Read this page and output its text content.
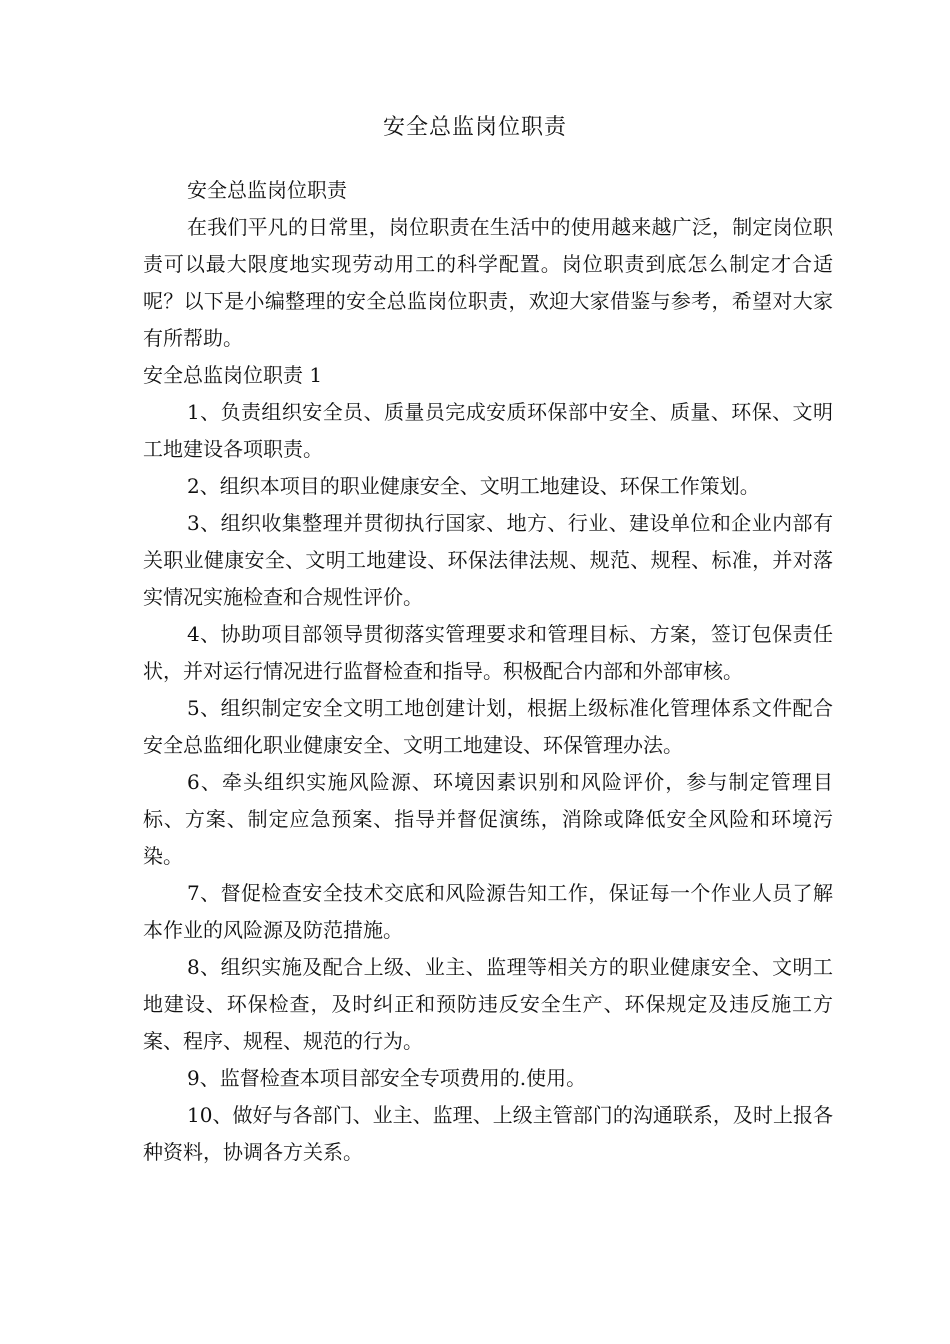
安全总监岗位职责

安全总监岗位职责

在我们平凡的日常里，岗位职责在生活中的使用越来越广泛，制定岗位职责可以最大限度地实现劳动用工的科学配置。岗位职责到底怎么制定才合适呢？以下是小编整理的安全总监岗位职责，欢迎大家借鉴与参考，希望对大家有所帮助。

安全总监岗位职责 1

1、负责组织安全员、质量员完成安质环保部中安全、质量、环保、文明工地建设各项职责。

2、组织本项目的职业健康安全、文明工地建设、环保工作策划。

3、组织收集整理并贯彻执行国家、地方、行业、建设单位和企业内部有关职业健康安全、文明工地建设、环保法律法规、规范、规程、标准，并对落实情况实施检查和合规性评价。

4、协助项目部领导贯彻落实管理要求和管理目标、方案，签订包保责任状，并对运行情况进行监督检查和指导。积极配合内部和外部审核。

5、组织制定安全文明工地创建计划，根据上级标准化管理体系文件配合安全总监细化职业健康安全、文明工地建设、环保管理办法。

6、牵头组织实施风险源、环境因素识别和风险评价，参与制定管理目标、方案、制定应急预案、指导并督促演练，消除或降低安全风险和环境污染。

7、督促检查安全技术交底和风险源告知工作，保证每一个作业人员了解本作业的风险源及防范措施。

8、组织实施及配合上级、业主、监理等相关方的职业健康安全、文明工地建设、环保检查，及时纠正和预防违反安全生产、环保规定及违反施工方案、程序、规程、规范的行为。

9、监督检查本项目部安全专项费用的.使用。

10、做好与各部门、业主、监理、上级主管部门的沟通联系，及时上报各种资料，协调各方关系。
